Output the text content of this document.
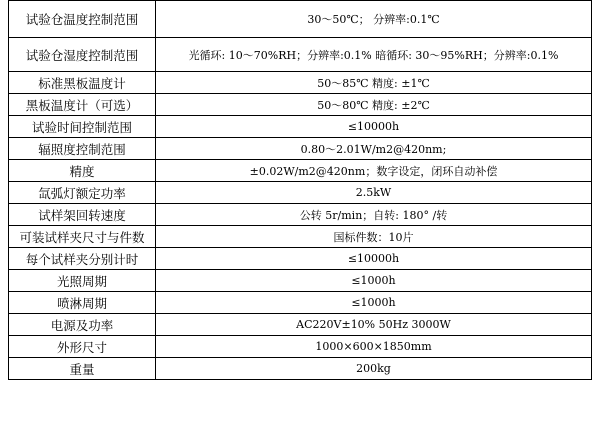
试验仓温度控制范围	30～50℃； 分辨率:0.1℃
试验仓湿度控制范围	光循环: 10～70%RH；分辨率:0.1% 暗循环: 30～95%RH；分辨率:0.1%
标准黑板温度计	50～85℃ 精度: ±1℃
黑板温度计（可选）	50～80℃ 精度: ±2℃
试验时间控制范围	≤10000h
辐照度控制范围	0.80～2.01W/m2@420nm;
精度	±0.02W/m2@420nm；数字设定，闭环自动补偿
氙弧灯额定功率	2.5kW
试样架回转速度	公转 5r/min；自转: 180° /转
可装试样夹尺寸与件数	国标件数：10片
每个试样夹分别计时	≤10000h
光照周期	≤1000h
喷淋周期	≤1000h
电源及功率	AC220V±10% 50Hz 3000W
外形尺寸	1000×600×1850mm
重量	200kg
